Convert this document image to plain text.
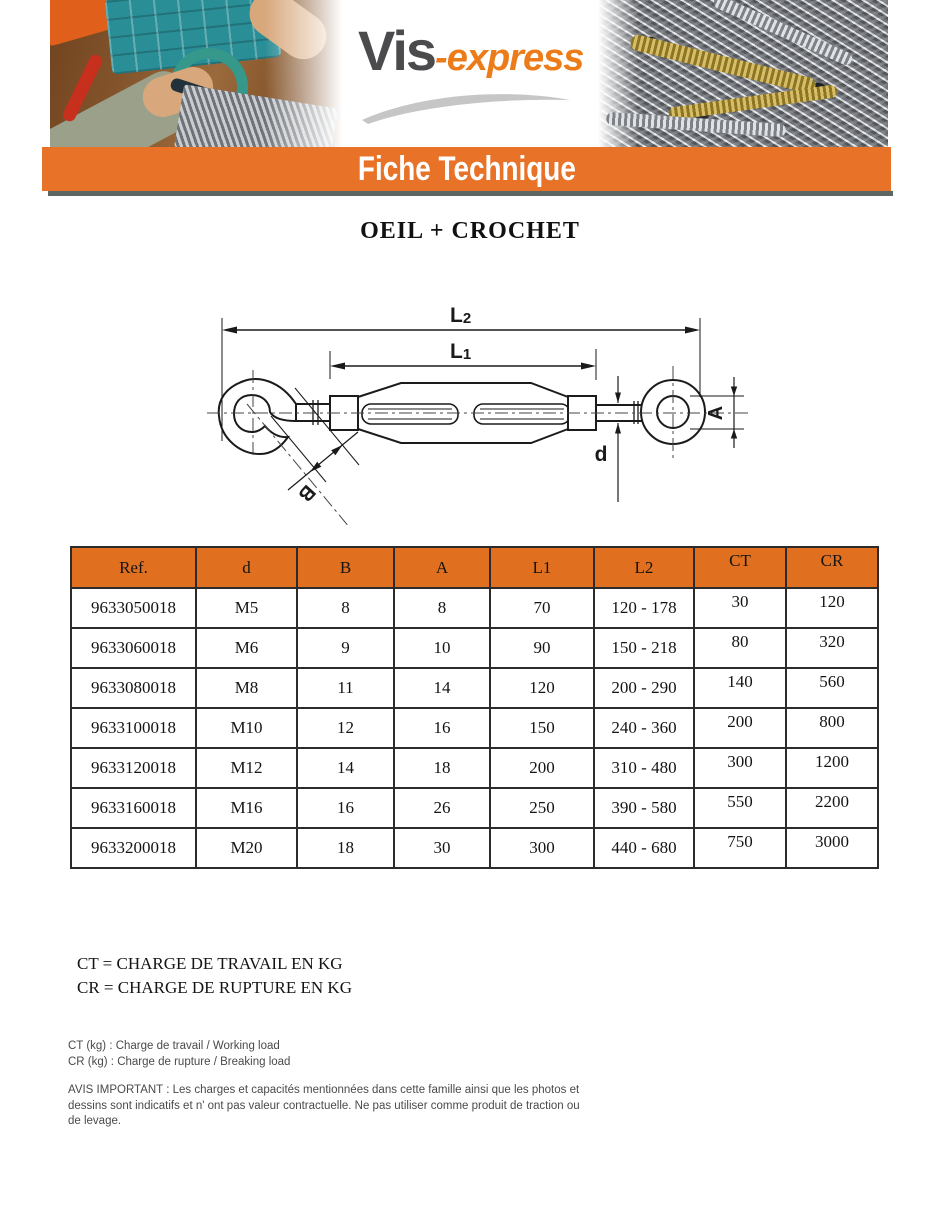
Vis-express
Fiche Technique
OEIL + CROCHET
L2
L1
B
d
A
Ref.	d	B	A	L1	L2	CT	CR
9633050018	M5	8	8	70	120 - 178	30	120
9633060018	M6	9	10	90	150 - 218	80	320
9633080018	M8	11	14	120	200 - 290	140	560
9633100018	M10	12	16	150	240 - 360	200	800
9633120018	M12	14	18	200	310 - 480	300	1200
9633160018	M16	16	26	250	390 - 580	550	2200
9633200018	M20	18	30	300	440 - 680	750	3000
CT = CHARGE DE TRAVAIL EN KG
CR = CHARGE DE RUPTURE EN KG
CT (kg) : Charge de travail / Working load
CR (kg) : Charge de rupture / Breaking load
AVIS IMPORTANT : Les charges et capacités mentionnées dans cette famille ainsi que les photos et
dessins sont indicatifs et n' ont pas valeur contractuelle. Ne pas utiliser comme produit de traction ou
de levage.
